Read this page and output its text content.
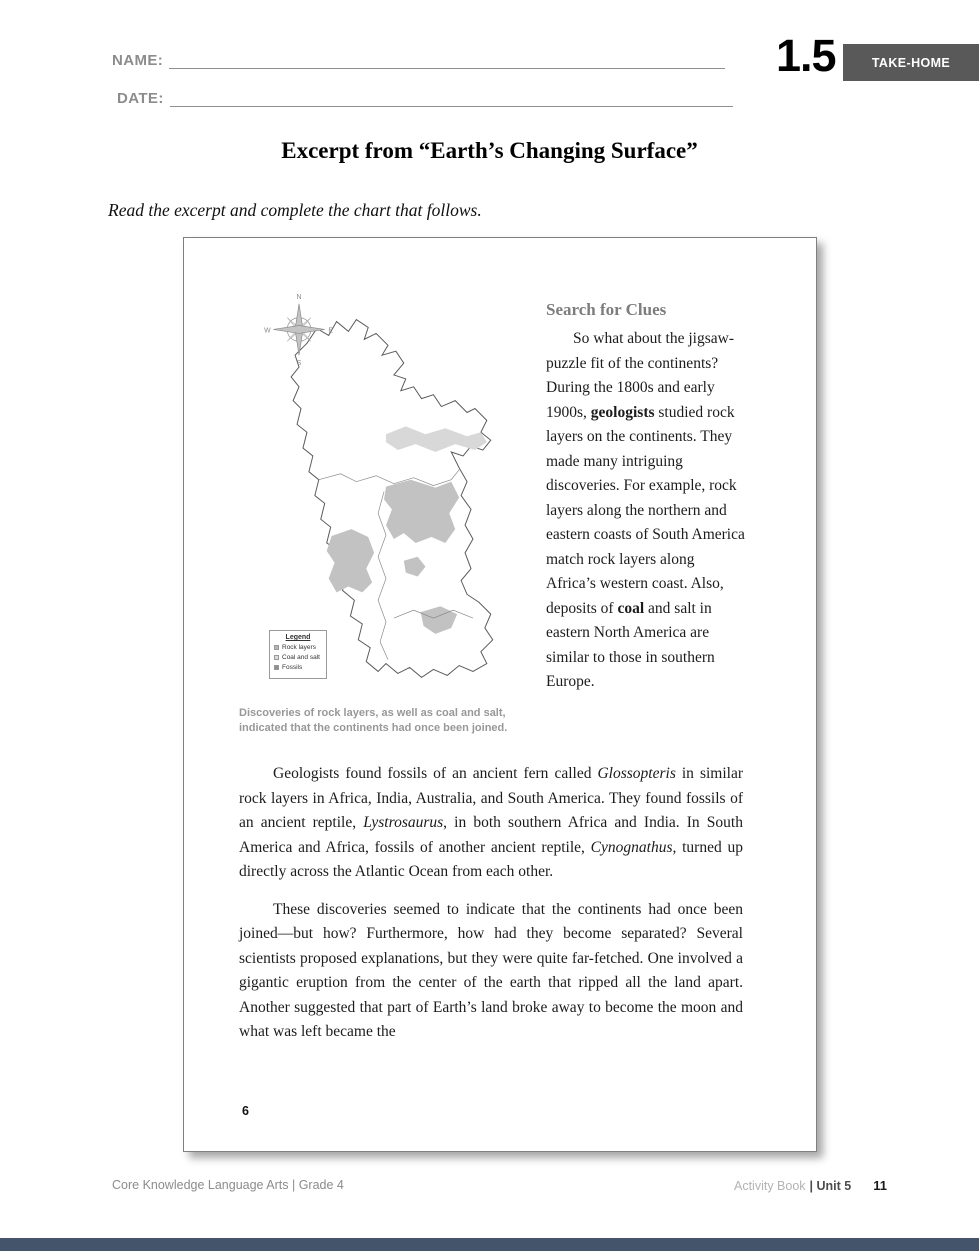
NAME:
DATE:
1.5	TAKE-HOME
Excerpt from “Earth’s Changing Surface”
Read the excerpt and complete the chart that follows.
N
S
W	E
Legend
Rock layers
Coal and salt
Fossils
Discoveries of rock layers, as well as coal and salt, indicated that the continents had once been joined.
Search for Clues

So what about the jigsaw-puzzle fit of the continents? During the 1800s and early 1900s, geologists studied rock layers on the continents. They made many intriguing discoveries. For example, rock layers along the northern and eastern coasts of South America match rock layers along Africa’s western coast. Also, deposits of coal and salt in eastern North America are similar to those in southern Europe.

Geologists found fossils of an ancient fern called Glossopteris in similar rock layers in Africa, India, Australia, and South America. They found fossils of an ancient reptile, Lystrosaurus, in both southern Africa and India. In South America and Africa, fossils of another ancient reptile, Cynognathus, turned up directly across the Atlantic Ocean from each other.

These discoveries seemed to indicate that the continents had once been joined—but how? Furthermore, how had they become separated? Several scientists proposed explanations, but they were quite far-fetched. One involved a gigantic eruption from the center of the earth that ripped all the land apart. Another suggested that part of Earth’s land broke away to become the moon and what was left became the

6
Core Knowledge Language Arts | Grade 4	Activity Book | Unit 5 11
